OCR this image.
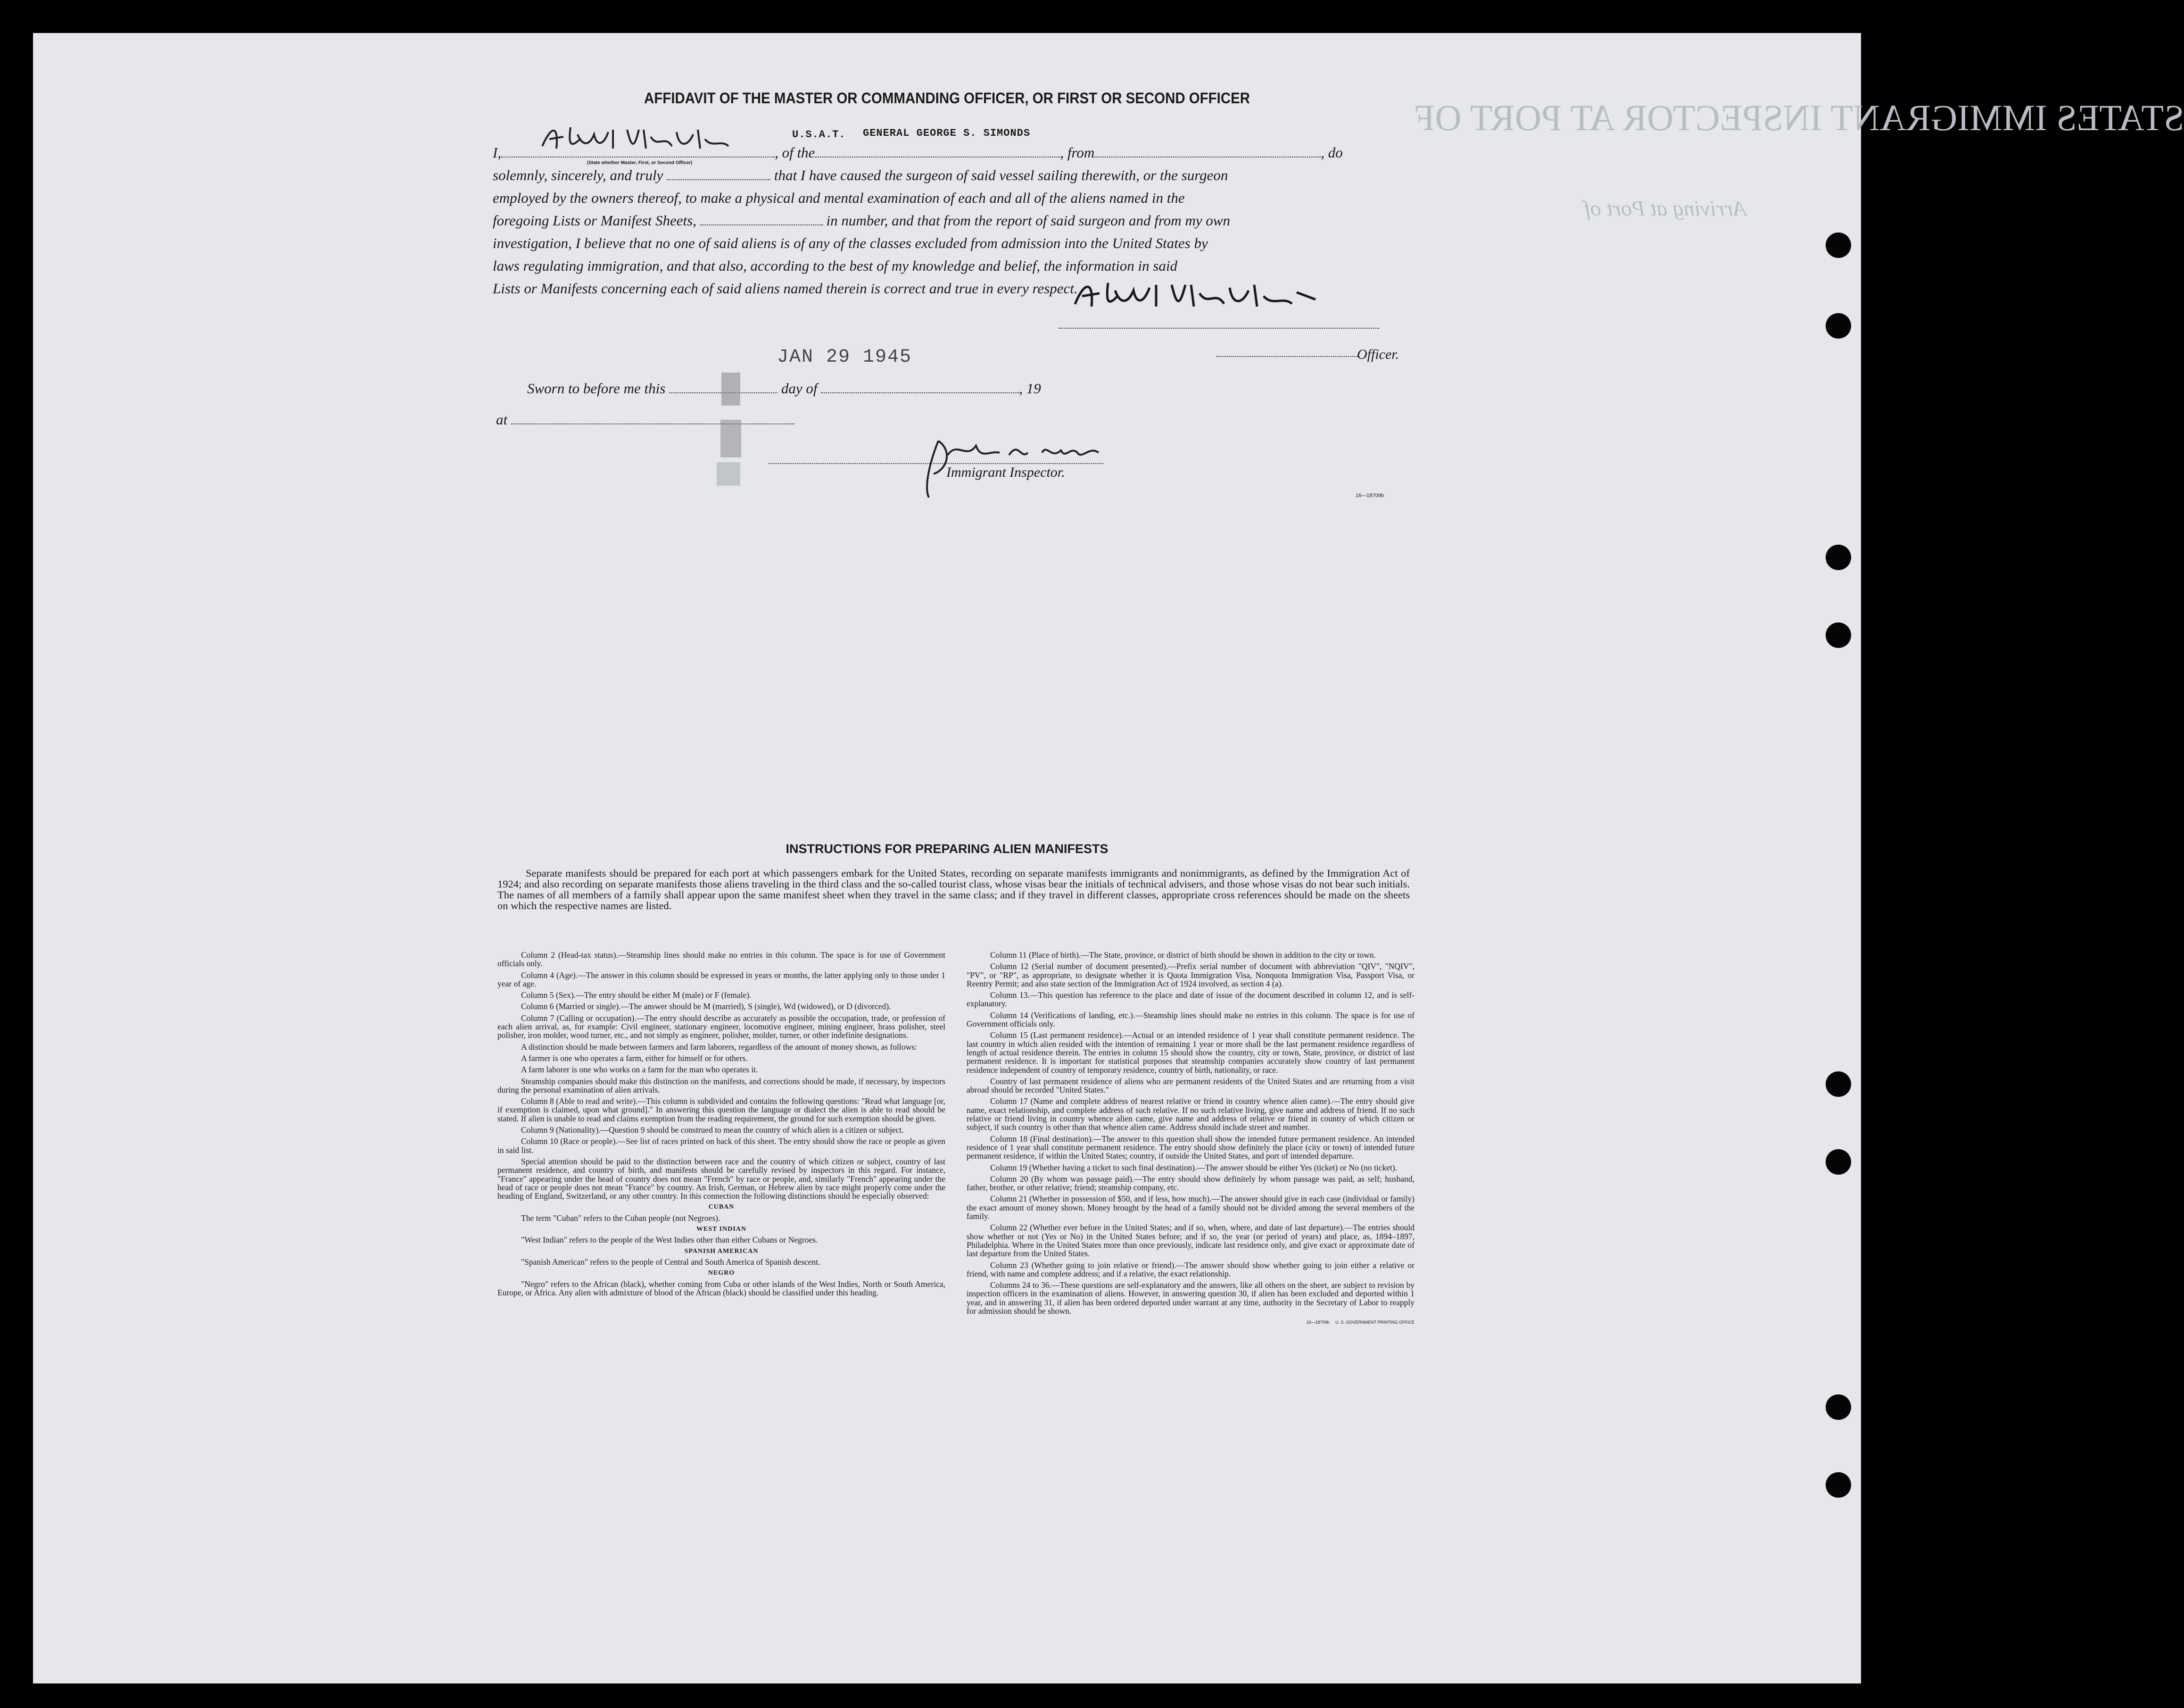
STATES IMMIGRANT INSPECTOR AT PORT OF
Arriving at Port of
AFFIDAVIT OF THE MASTER OR COMMANDING OFFICER, OR FIRST OR SECOND OFFICER
U.S.A.T. GENERAL GEORGE S. SIMONDS
I,	, of the	, from	, do
(State whether Master, First, or Second Officer)
solemnly, sincerely, and truly	that I have caused the surgeon of said vessel sailing therewith, or the surgeon
employed by the owners thereof, to make a physical and mental examination of each and all of the aliens named in the
foregoing Lists or Manifest Sheets,	in number, and that from the report of said surgeon and from my own
investigation, I believe that no one of said aliens is of any of the classes excluded from admission into the United States by
laws regulating immigration, and that also, according to the best of my knowledge and belief, the information in said
Lists or Manifests concerning each of said aliens named therein is correct and true in every respect.
Officer.
JAN 29 1945
Sworn to before me this	day of	, 19
at
Immigrant Inspector.
16—18709b
INSTRUCTIONS FOR PREPARING ALIEN MANIFESTS
Separate manifests should be prepared for each port at which passengers embark for the United States, recording on separate manifests immigrants and nonimmigrants, as defined by the Immigration Act of 1924; and also recording on separate manifests those aliens traveling in the third class and the so-called tourist class, whose visas bear the initials of technical advisers, and those whose visas do not bear such initials. The names of all members of a family shall appear upon the same manifest sheet when they travel in the same class; and if they travel in different classes, appropriate cross references should be made on the sheets on which the respective names are listed.

Column 2 (Head-tax status).—Steamship lines should make no entries in this column. The space is for use of Government officials only.

Column 4 (Age).—The answer in this column should be expressed in years or months, the latter applying only to those under 1 year of age.

Column 5 (Sex).—The entry should be either M (male) or F (female).

Column 6 (Married or single).—The answer should be M (married), S (single), Wd (widowed), or D (divorced).

Column 7 (Calling or occupation).—The entry should describe as accurately as possible the occupation, trade, or profession of each alien arrival, as, for example: Civil engineer, stationary engineer, locomotive engineer, mining engineer, brass polisher, steel polisher, iron molder, wood turner, etc., and not simply as engineer, polisher, molder, turner, or other indefinite designations.

A distinction should be made between farmers and farm laborers, regardless of the amount of money shown, as follows:

A farmer is one who operates a farm, either for himself or for others.

A farm laborer is one who works on a farm for the man who operates it.

Steamship companies should make this distinction on the manifests, and corrections should be made, if necessary, by inspectors during the personal examination of alien arrivals.

Column 8 (Able to read and write).—This column is subdivided and contains the following questions: "Read what language [or, if exemption is claimed, upon what ground]." In answering this question the language or dialect the alien is able to read should be stated. If alien is unable to read and claims exemption from the reading requirement, the ground for such exemption should be given.

Column 9 (Nationality).—Question 9 should be construed to mean the country of which alien is a citizen or subject.

Column 10 (Race or people).—See list of races printed on back of this sheet. The entry should show the race or people as given in said list.

Special attention should be paid to the distinction between race and the country of which citizen or subject, country of last permanent residence, and country of birth, and manifests should be carefully revised by inspectors in this regard. For instance, "France" appearing under the head of country does not mean "French" by race or people, and, similarly "French" appearing under the head of race or people does not mean "France" by country. An Irish, German, or Hebrew alien by race might properly come under the heading of England, Switzerland, or any other country. In this connection the following distinctions should be especially observed:

CUBAN

The term "Cuban" refers to the Cuban people (not Negroes).

WEST INDIAN

"West Indian" refers to the people of the West Indies other than either Cubans or Negroes.

SPANISH AMERICAN

"Spanish American" refers to the people of Central and South America of Spanish descent.

NEGRO

"Negro" refers to the African (black), whether coming from Cuba or other islands of the West Indies, North or South America, Europe, or Africa. Any alien with admixture of blood of the African (black) should be classified under this heading.

Column 11 (Place of birth).—The State, province, or district of birth should be shown in addition to the city or town.

Column 12 (Serial number of document presented).—Prefix serial number of document with abbreviation "QIV", "NQIV", "PV", or "RP", as appropriate, to designate whether it is Quota Immigration Visa, Nonquota Immigration Visa, Passport Visa, or Reentry Permit; and also state section of the Immigration Act of 1924 involved, as section 4 (a).

Column 13.—This question has reference to the place and date of issue of the document described in column 12, and is self-explanatory.

Column 14 (Verifications of landing, etc.).—Steamship lines should make no entries in this column. The space is for use of Government officials only.

Column 15 (Last permanent residence).—Actual or an intended residence of 1 year shall constitute permanent residence. The last country in which alien resided with the intention of remaining 1 year or more shall be the last permanent residence regardless of length of actual residence therein. The entries in column 15 should show the country, city or town, State, province, or district of last permanent residence. It is important for statistical purposes that steamship companies accurately show country of last permanent residence independent of country of temporary residence, country of birth, nationality, or race.

Country of last permanent residence of aliens who are permanent residents of the United States and are returning from a visit abroad should be recorded "United States."

Column 17 (Name and complete address of nearest relative or friend in country whence alien came).—The entry should give name, exact relationship, and complete address of such relative. If no such relative living, give name and address of friend. If no such relative or friend living in country whence alien came, give name and address of relative or friend in country of which citizen or subject, if such country is other than that whence alien came. Address should include street and number.

Column 18 (Final destination).—The answer to this question shall show the intended future permanent residence. An intended residence of 1 year shall constitute permanent residence. The entry should show definitely the place (city or town) of intended future permanent residence, if within the United States; country, if outside the United States, and port of intended departure.

Column 19 (Whether having a ticket to such final destination).—The answer should be either Yes (ticket) or No (no ticket).

Column 20 (By whom was passage paid).—The entry should show definitely by whom passage was paid, as self; husband, father, brother, or other relative; friend; steamship company, etc.

Column 21 (Whether in possession of $50, and if less, how much).—The answer should give in each case (individual or family) the exact amount of money shown. Money brought by the head of a family should not be divided among the several members of the family.

Column 22 (Whether ever before in the United States; and if so, when, where, and date of last departure).—The entries should show whether or not (Yes or No) in the United States before; and if so, the year (or period of years) and place, as, 1894–1897, Philadelphia. Where in the United States more than once previously, indicate last residence only, and give exact or approximate date of last departure from the United States.

Column 23 (Whether going to join relative or friend).—The answer should show whether going to join either a relative or friend, with name and complete address; and if a relative, the exact relationship.

Columns 24 to 36.—These questions are self-explanatory and the answers, like all others on the sheet, are subject to revision by inspection officers in the examination of aliens. However, in answering question 30, if alien has been excluded and deported within 1 year, and in answering 31, if alien has been ordered deported under warrant at any time, authority in the Secretary of Labor to reapply for admission should be shown.

16—18709b U. S. GOVERNMENT PRINTING OFFICE
